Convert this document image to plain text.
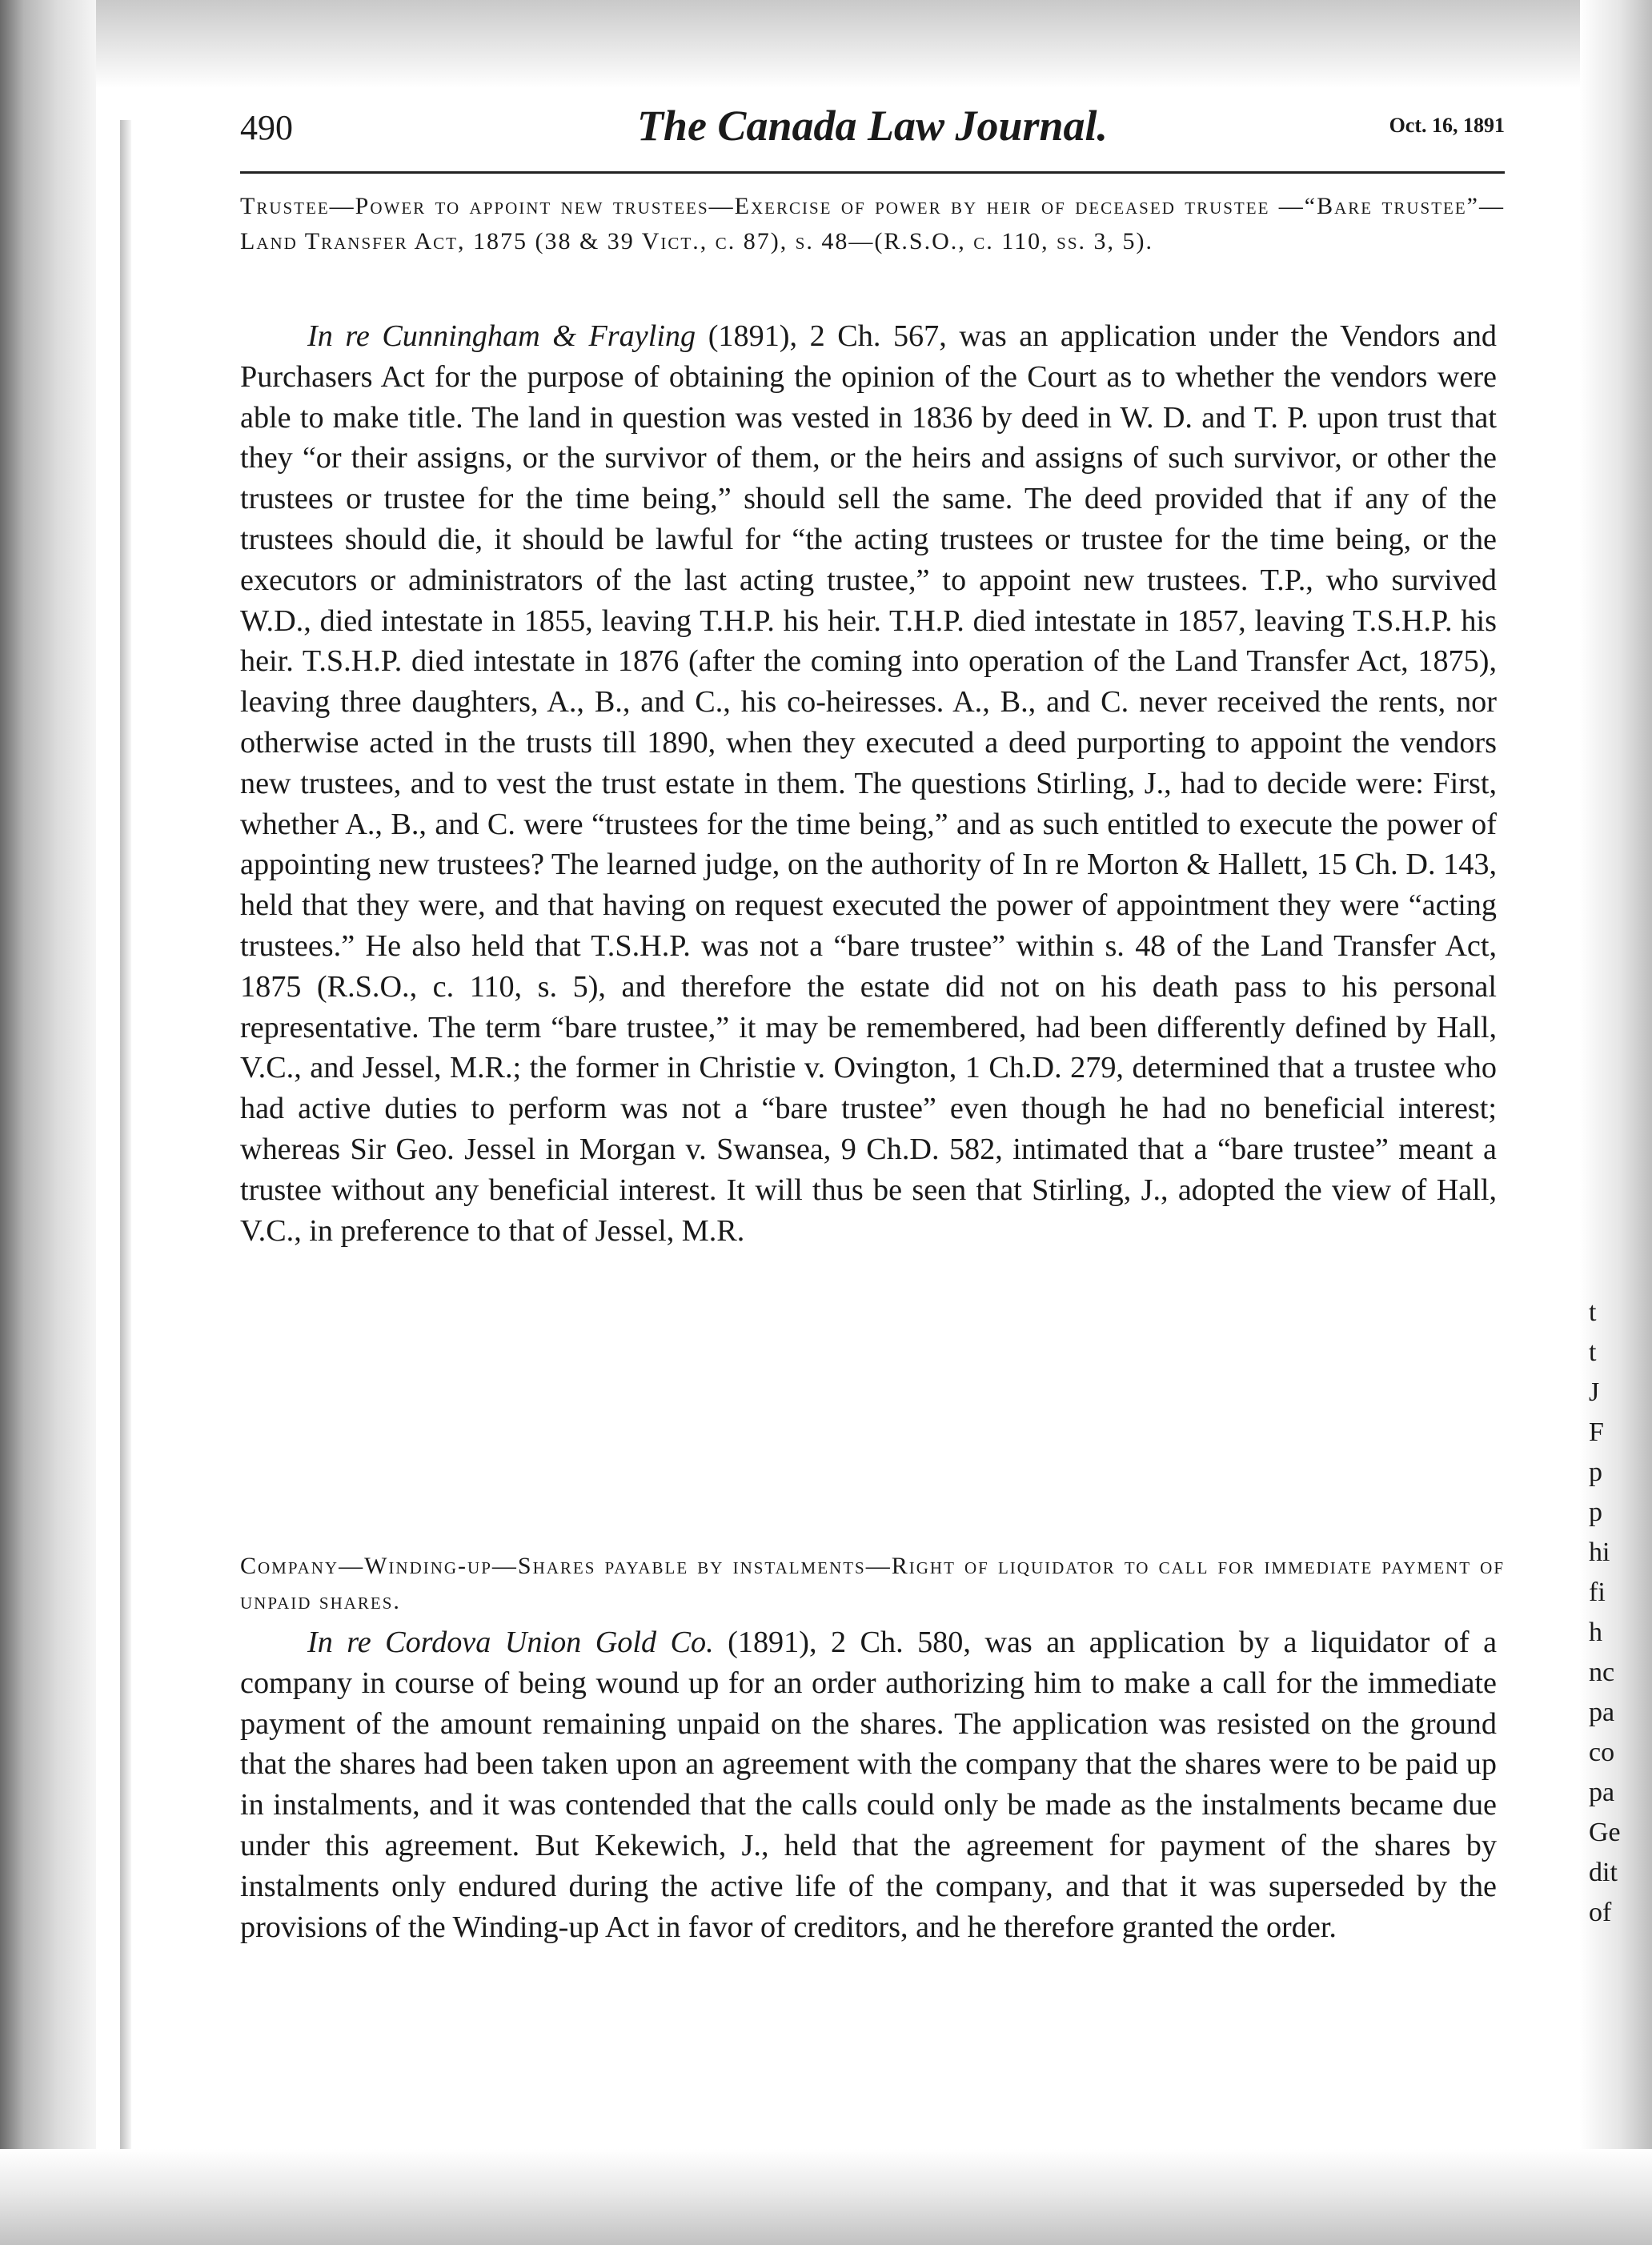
490	The Canada Law Journal.	Oct. 16, 1891
Trustee—Power to appoint new trustees—Exercise of power by heir of deceased trustee —“Bare trustee”—Land Transfer Act, 1875 (38 & 39 Vict., c. 87), s. 48—(R.S.O., c. 110, ss. 3, 5).
In re Cunningham & Frayling (1891), 2 Ch. 567, was an application under the Vendors and Purchasers Act for the purpose of obtaining the opinion of the Court as to whether the vendors were able to make title. The land in question was vested in 1836 by deed in W. D. and T. P. upon trust that they “or their assigns, or the survivor of them, or the heirs and assigns of such survivor, or other the trustees or trustee for the time being,” should sell the same. The deed provided that if any of the trustees should die, it should be lawful for “the acting trustees or trustee for the time being, or the executors or administrators of the last acting trustee,” to appoint new trustees. T.P., who survived W.D., died intestate in 1855, leaving T.H.P. his heir. T.H.P. died intestate in 1857, leaving T.S.H.P. his heir. T.S.H.P. died intestate in 1876 (after the coming into operation of the Land Transfer Act, 1875), leaving three daughters, A., B., and C., his co-heiresses. A., B., and C. never received the rents, nor otherwise acted in the trusts till 1890, when they executed a deed purporting to appoint the vendors new trustees, and to vest the trust estate in them. The questions Stirling, J., had to decide were: First, whether A., B., and C. were “trustees for the time being,” and as such entitled to execute the power of appointing new trustees? The learned judge, on the authority of In re Morton & Hallett, 15 Ch. D. 143, held that they were, and that having on request executed the power of appointment they were “acting trustees.” He also held that T.S.H.P. was not a “bare trustee” within s. 48 of the Land Transfer Act, 1875 (R.S.O., c. 110, s. 5), and therefore the estate did not on his death pass to his personal representative. The term “bare trustee,” it may be remembered, had been differently defined by Hall, V.C., and Jessel, M.R.; the former in Christie v. Ovington, 1 Ch.D. 279, determined that a trustee who had active duties to perform was not a “bare trustee” even though he had no beneficial interest; whereas Sir Geo. Jessel in Morgan v. Swansea, 9 Ch.D. 582, intimated that a “bare trustee” meant a trustee without any beneficial interest. It will thus be seen that Stirling, J., adopted the view of Hall, V.C., in preference to that of Jessel, M.R.
Company—Winding-up—Shares payable by instalments—Right of liquidator to call for immediate payment of unpaid shares.
In re Cordova Union Gold Co. (1891), 2 Ch. 580, was an application by a liquidator of a company in course of being wound up for an order authorizing him to make a call for the immediate payment of the amount remaining unpaid on the shares. The application was resisted on the ground that the shares had been taken upon an agreement with the company that the shares were to be paid up in instalments, and it was contended that the calls could only be made as the instalments became due under this agreement. But Kekewich, J., held that the agreement for payment of the shares by instalments only endured during the active life of the company, and that it was superseded by the provisions of the Winding-up Act in favor of creditors, and he therefore granted the order.
t
t
J
F
p
p
hi
fi
h
nc
pa
co
pa
Ge
dit
of
